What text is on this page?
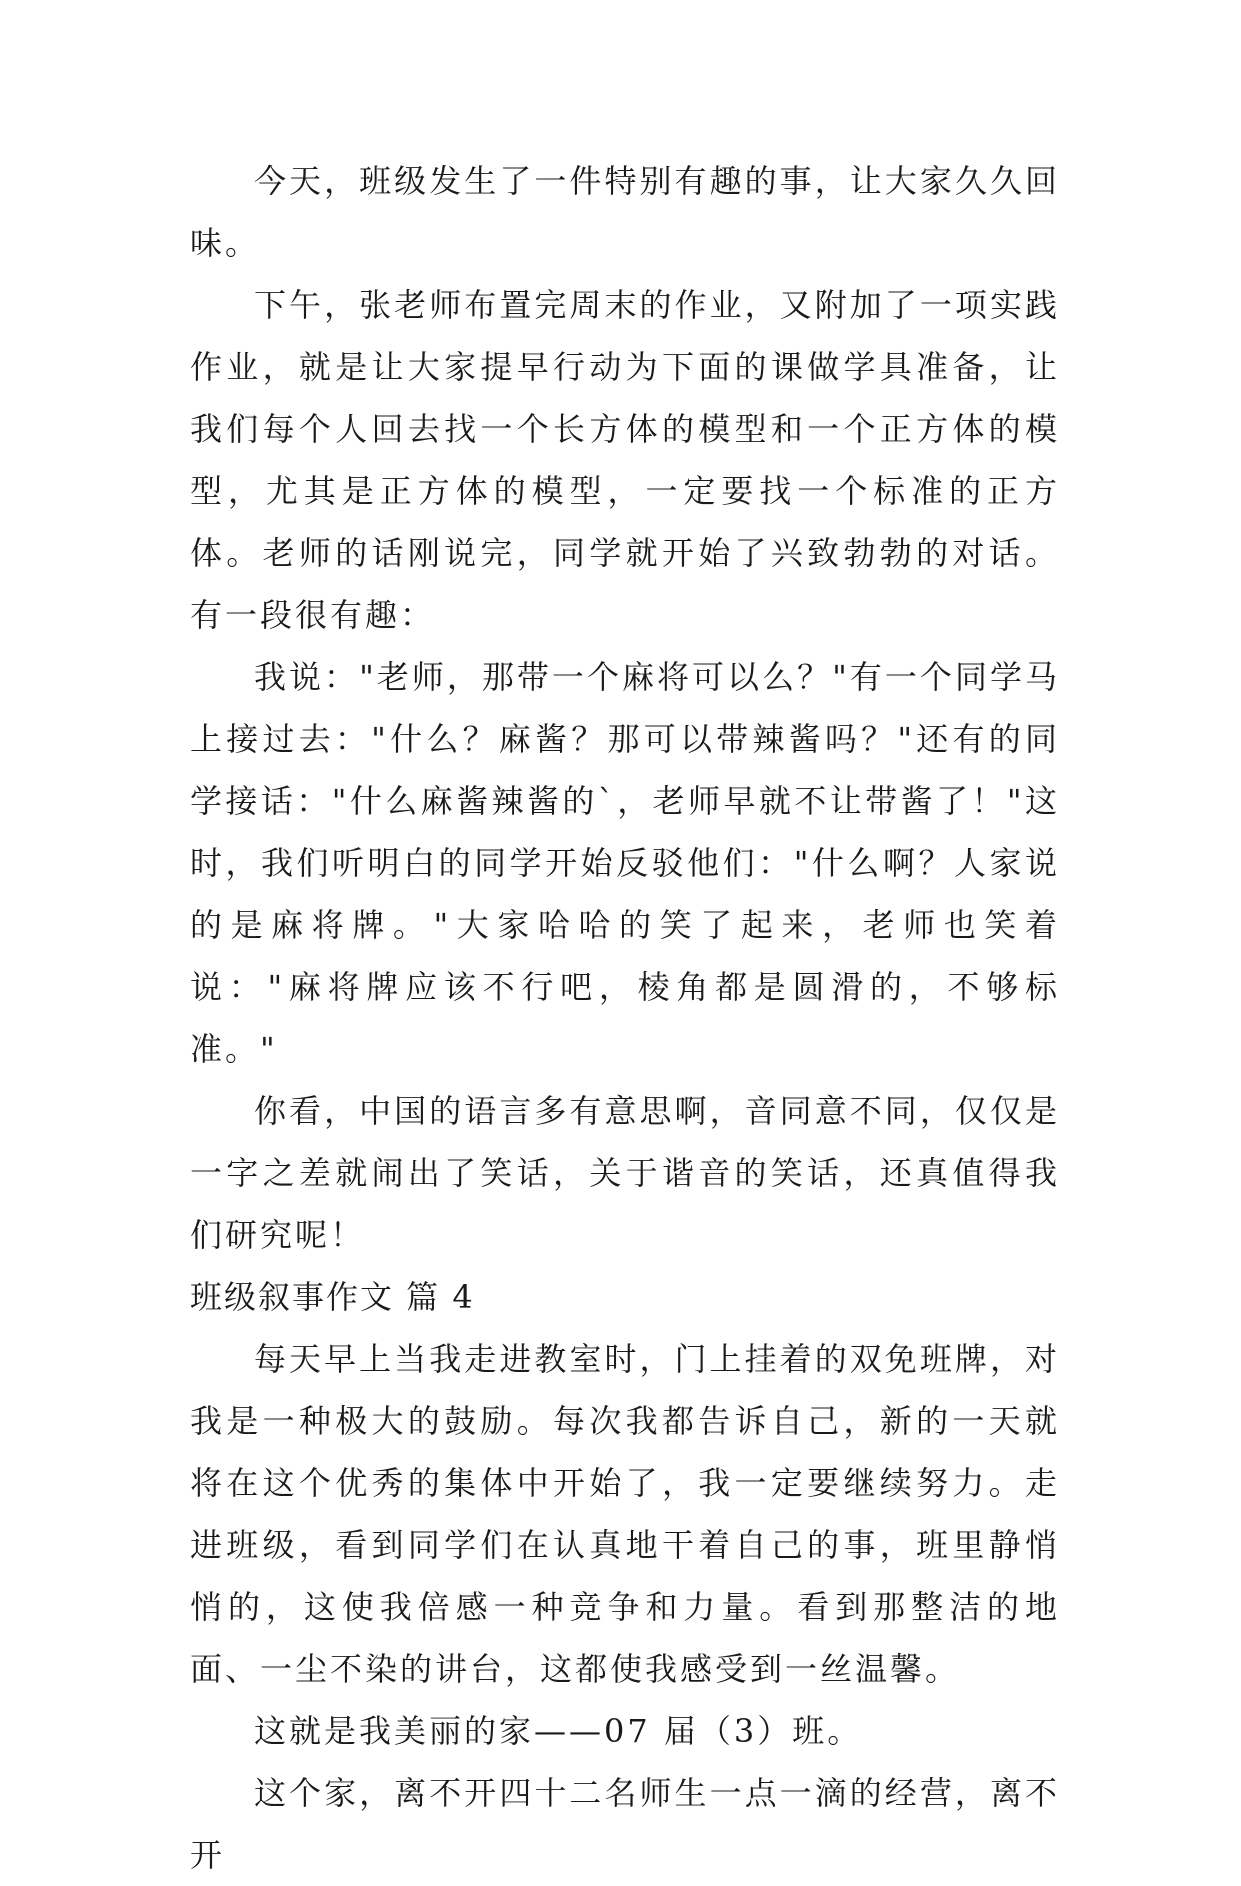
今天，班级发生了一件特别有趣的事，让大家久久回味。

下午，张老师布置完周末的作业，又附加了一项实践作业，就是让大家提早行动为下面的课做学具准备，让我们每个人回去找一个长方体的模型和一个正方体的模型，尤其是正方体的模型，一定要找一个标准的正方体。老师的话刚说完，同学就开始了兴致勃勃的对话。有一段很有趣：

我说："老师，那带一个麻将可以么？"有一个同学马上接过去："什么？麻酱？那可以带辣酱吗？"还有的同学接话："什么麻酱辣酱的`，老师早就不让带酱了！"这时，我们听明白的同学开始反驳他们："什么啊？人家说的是麻将牌。"大家哈哈的笑了起来，老师也笑着说："麻将牌应该不行吧，棱角都是圆滑的，不够标准。"

你看，中国的语言多有意思啊，音同意不同，仅仅是一字之差就闹出了笑话，关于谐音的笑话，还真值得我们研究呢！

班级叙事作文 篇 4

每天早上当我走进教室时，门上挂着的双免班牌，对我是一种极大的鼓励。每次我都告诉自己，新的一天就将在这个优秀的集体中开始了，我一定要继续努力。走进班级，看到同学们在认真地干着自己的事，班里静悄悄的，这使我倍感一种竞争和力量。看到那整洁的地面、一尘不染的讲台，这都使我感受到一丝温馨。

这就是我美丽的家——07 届（3）班。

这个家，离不开四十二名师生一点一滴的经营，离不开
